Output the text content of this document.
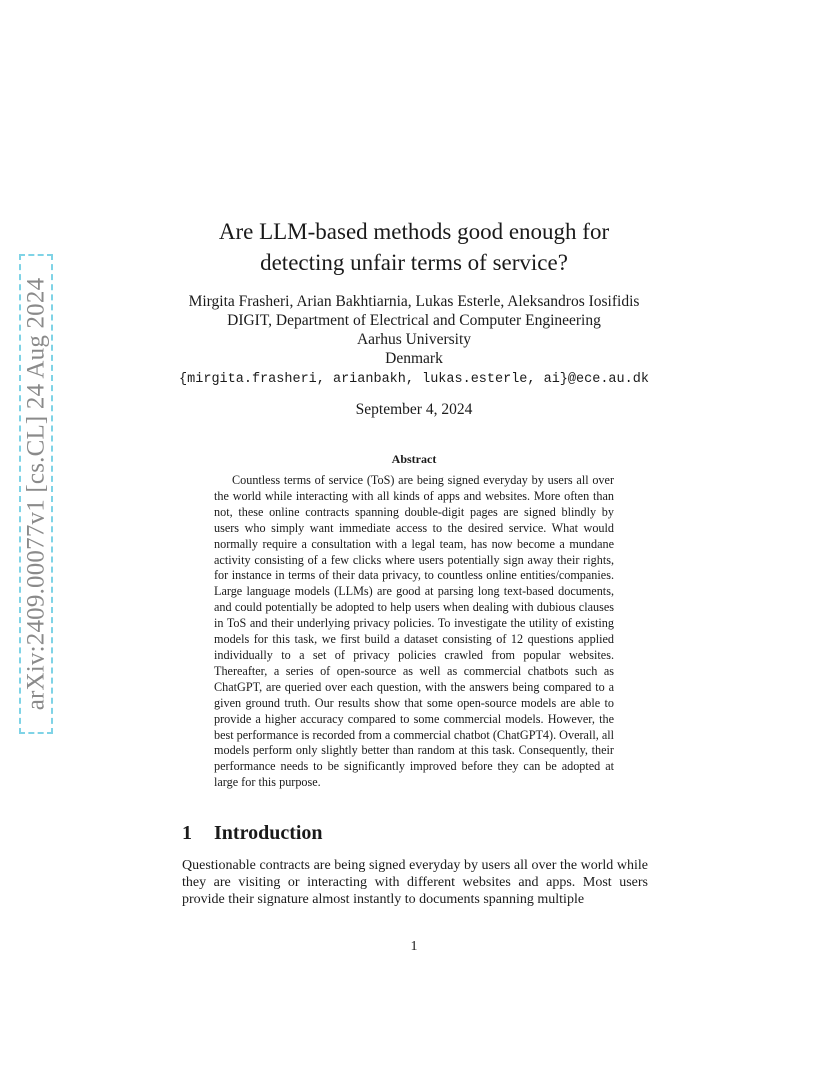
arXiv:2409.00077v1 [cs.CL] 24 Aug 2024
Are LLM-based methods good enough for
detecting unfair terms of service?
Mirgita Frasheri, Arian Bakhtiarnia, Lukas Esterle, Aleksandros Iosifidis
DIGIT, Department of Electrical and Computer Engineering
Aarhus University
Denmark
{mirgita.frasheri, arianbakh, lukas.esterle, ai}@ece.au.dk
September 4, 2024
Abstract
Countless terms of service (ToS) are being signed everyday by users all over the world while interacting with all kinds of apps and websites. More often than not, these online contracts spanning double-digit pages are signed blindly by users who simply want immediate access to the desired service. What would normally require a consultation with a legal team, has now become a mundane activity consisting of a few clicks where users potentially sign away their rights, for instance in terms of their data privacy, to countless online entities/companies. Large language models (LLMs) are good at parsing long text-based documents, and could potentially be adopted to help users when dealing with dubious clauses in ToS and their underlying privacy policies. To investigate the utility of existing models for this task, we first build a dataset consisting of 12 questions applied individually to a set of privacy policies crawled from popular websites. Thereafter, a series of open-source as well as commercial chatbots such as ChatGPT, are queried over each question, with the answers being compared to a given ground truth. Our results show that some open-source models are able to provide a higher accuracy compared to some commercial models. However, the best performance is recorded from a commercial chatbot (ChatGPT4). Overall, all models perform only slightly better than random at this task. Consequently, their performance needs to be significantly improved before they can be adopted at large for this purpose.
1 Introduction
Questionable contracts are being signed everyday by users all over the world while they are visiting or interacting with different websites and apps. Most users provide their signature almost instantly to documents spanning multiple
1
